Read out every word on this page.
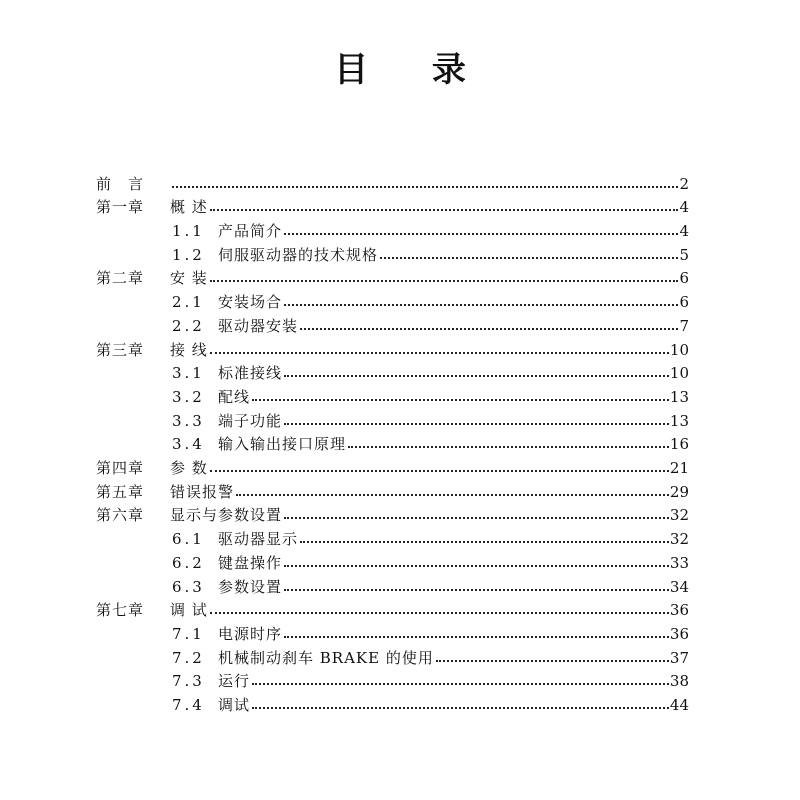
目 录
前　言	2
第一章	概 述	4
1.1 产品简介	4
1.2 伺服驱动器的技术规格	5
第二章	安 装	6
2.1 安装场合	6
2.2 驱动器安装	7
第三章	接 线	10
3.1 标准接线	10
3.2 配线	13
3.3 端子功能	13
3.4 输入输出接口原理	16
第四章	参 数	21
第五章	错误报警	29
第六章	显示与参数设置	32
6.1 驱动器显示	32
6.2 键盘操作	33
6.3 参数设置	34
第七章	调 试	36
7.1 电源时序	36
7.2 机械制动刹车 BRAKE 的使用	37
7.3 运行	38
7.4 调试	44
